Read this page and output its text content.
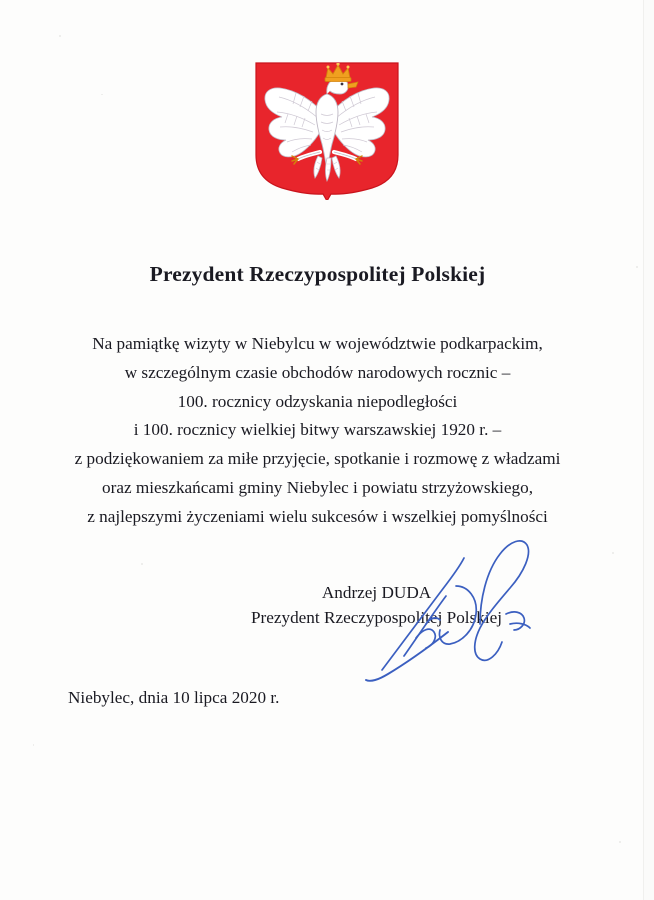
Prezydent Rzeczypospolitej Polskiej
Na pamiątkę wizyty w Niebylcu w województwie podkarpackim,
w szczególnym czasie obchodów narodowych rocznic –
100. rocznicy odzyskania niepodległości
i 100. rocznicy wielkiej bitwy warszawskiej 1920 r. –
z podziękowaniem za miłe przyjęcie, spotkanie i rozmowę z władzami
oraz mieszkańcami gminy Niebylec i powiatu strzyżowskiego,
z najlepszymi życzeniami wielu sukcesów i wszelkiej pomyślności
Andrzej DUDA
Prezydent Rzeczypospolitej Polskiej
Niebylec, dnia 10 lipca 2020 r.
